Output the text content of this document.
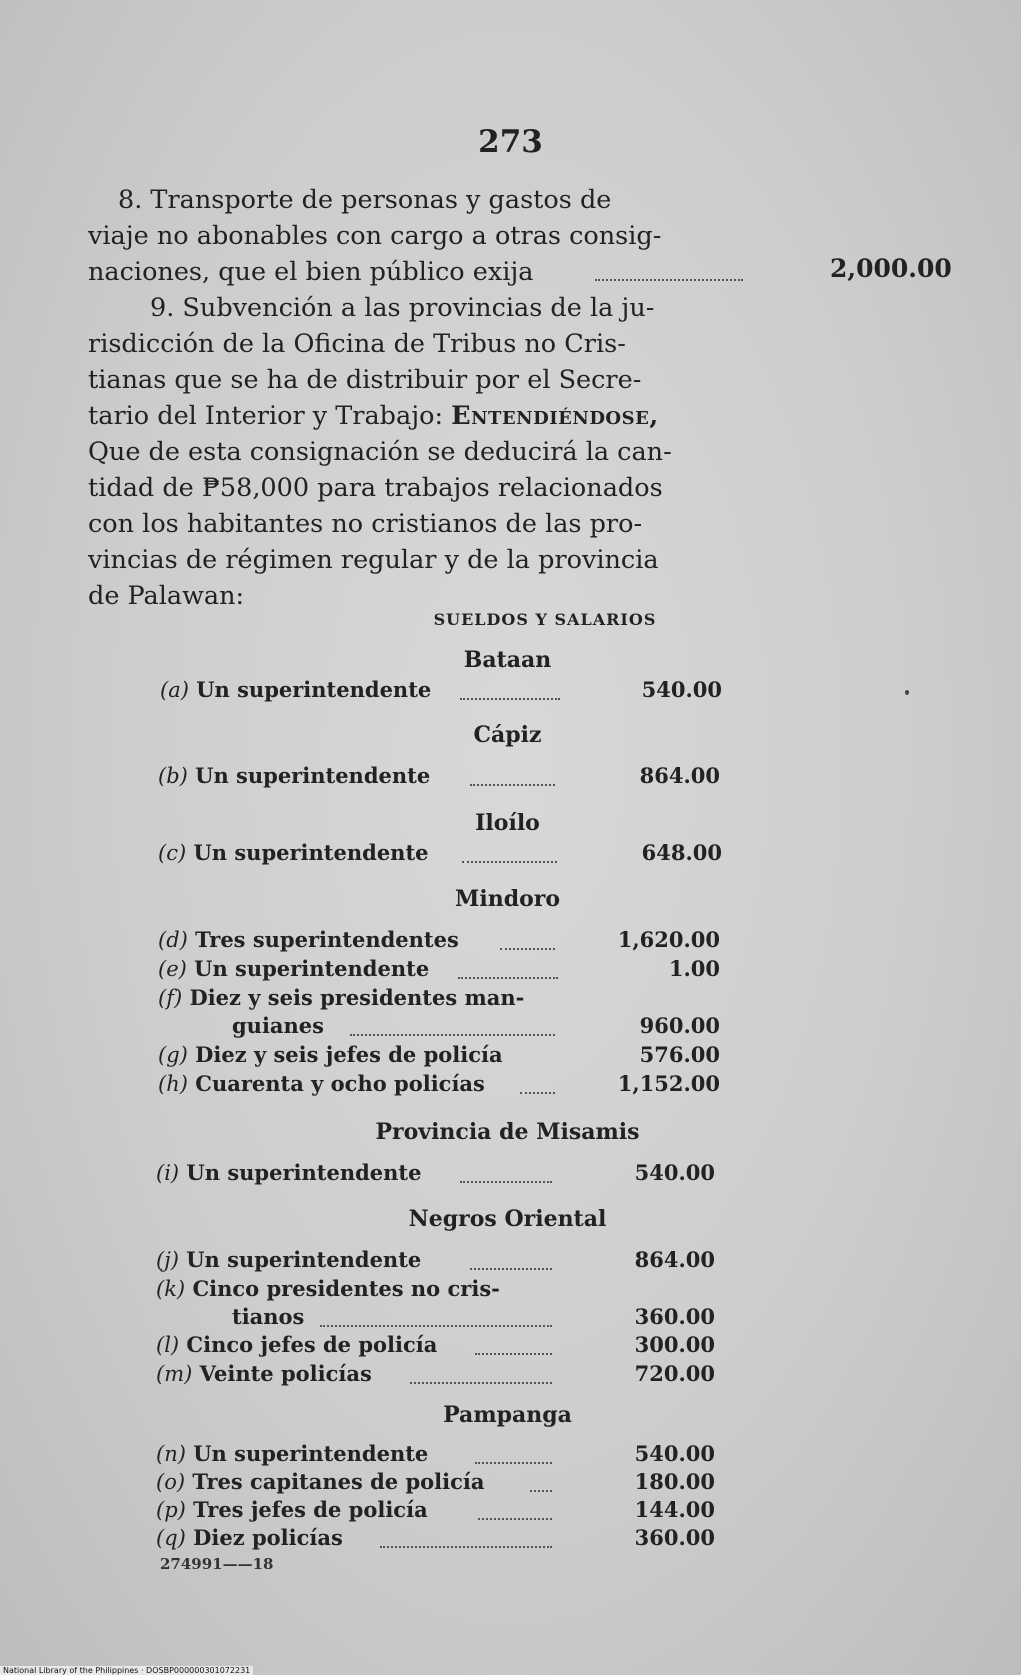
273
8. Transporte de personas y gastos de
viaje no abonables con cargo a otras consig-
naciones, que el bien público exija	2,000.00
9. Subvención a las provincias de la ju-
risdicción de la Oficina de Tribus no Cris-
tianas que se ha de distribuir por el Secre-
tario del Interior y Trabajo: Entendiéndose,
Que de esta consignación se deducirá la can-
tidad de ₱58,000 para trabajos relacionados
con los habitantes no cristianos de las pro-
vincias de régimen regular y de la provincia
de Palawan:
SUELDOS Y SALARIOS
Bataan
(a) Un superintendente	540.00
Cápiz
(b) Un superintendente	864.00
Iloílo
(c) Un superintendente	648.00
Mindoro
(d) Tres superintendentes	1,620.00
(e) Un superintendente	1.00
(f) Diez y seis presidentes man-
guianes	960.00
(g) Diez y seis jefes de policía	576.00
(h) Cuarenta y ocho policías	1,152.00
Provincia de Misamis
(i) Un superintendente	540.00
Negros Oriental
(j) Un superintendente	864.00
(k) Cinco presidentes no cris-
tianos	360.00
(l) Cinco jefes de policía	300.00
(m) Veinte policías	720.00
Pampanga
(n) Un superintendente	540.00
(o) Tres capitanes de policía	180.00
(p) Tres jefes de policía	144.00
(q) Diez policías	360.00
274991——18
National Library of the Philippines · DOSBP000000301072231
